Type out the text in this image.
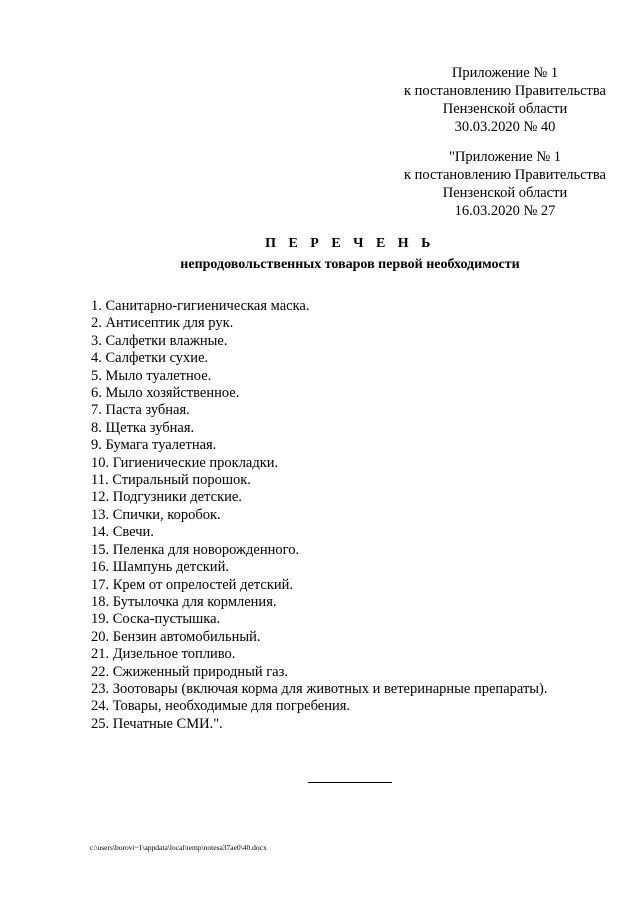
Приложение № 1
к постановлению Правительства
Пензенской области
30.03.2020 № 40
"Приложение № 1
к постановлению Правительства
Пензенской области
16.03.2020 № 27
П Е Р Е Ч Е Н Ь
непродовольственных товаров первой необходимости
1. Санитарно-гигиеническая маска.
2. Антисептик для рук.
3. Салфетки влажные.
4. Салфетки сухие.
5. Мыло туалетное.
6. Мыло хозяйственное.
7. Паста зубная.
8. Щетка зубная.
9. Бумага туалетная.
10. Гигиенические прокладки.
11. Стиральный порошок.
12. Подгузники детские.
13. Спички, коробок.
14. Свечи.
15. Пеленка для новорожденного.
16. Шампунь детский.
17. Крем от опрелостей детский.
18. Бутылочка для кормления.
19. Соска-пустышка.
20. Бензин автомобильный.
21. Дизельное топливо.
22. Сжиженный природный газ.
23. Зоотовары (включая корма для животных и ветеринарные препараты).
24. Товары, необходимые для погребения.
25. Печатные СМИ.".
c:\users\borovi~1\appdata\local\temp\notesa37ae0\40.docx
